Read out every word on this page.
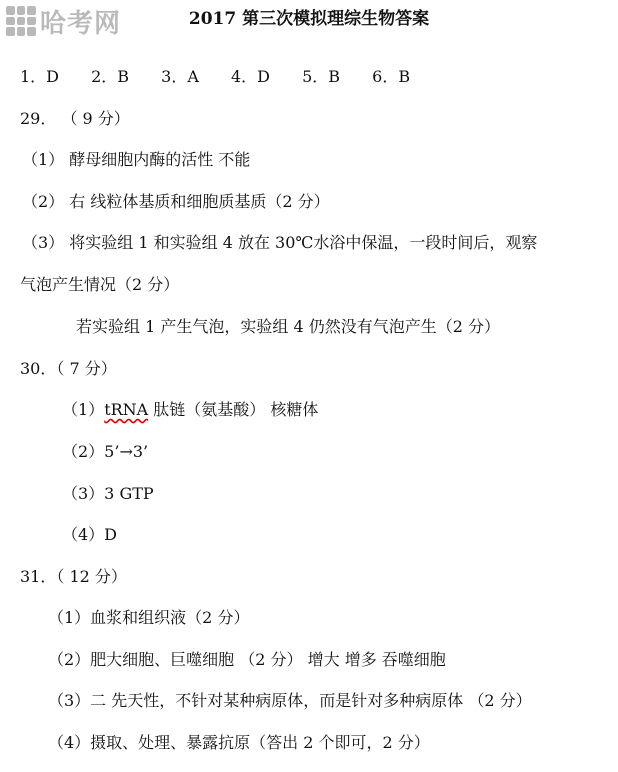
哈考网	2017 第三次模拟理综生物答案
1．D 2．B 3．A 4．D 5．B 6．B
29． （ 9 分）
（1） 酵母细胞内酶的活性 不能
（2） 右 线粒体基质和细胞质基质（2 分）
（3） 将实验组 1 和实验组 4 放在 30℃水浴中保温，一段时间后，观察
气泡产生情况（2 分）
若实验组 1 产生气泡，实验组 4 仍然没有气泡产生（2 分）
30．（ 7 分）
（1）tRNA 肽链（氨基酸） 核糖体
（2）5’→3’
（3）3 GTP
（4）D
31．（ 12 分）
（1）血浆和组织液（2 分）
（2）肥大细胞、巨噬细胞 （2 分） 增大 增多 吞噬细胞
（3）二 先天性，不针对某种病原体，而是针对多种病原体 （2 分）
（4）摄取、处理、暴露抗原（答出 2 个即可，2 分）
